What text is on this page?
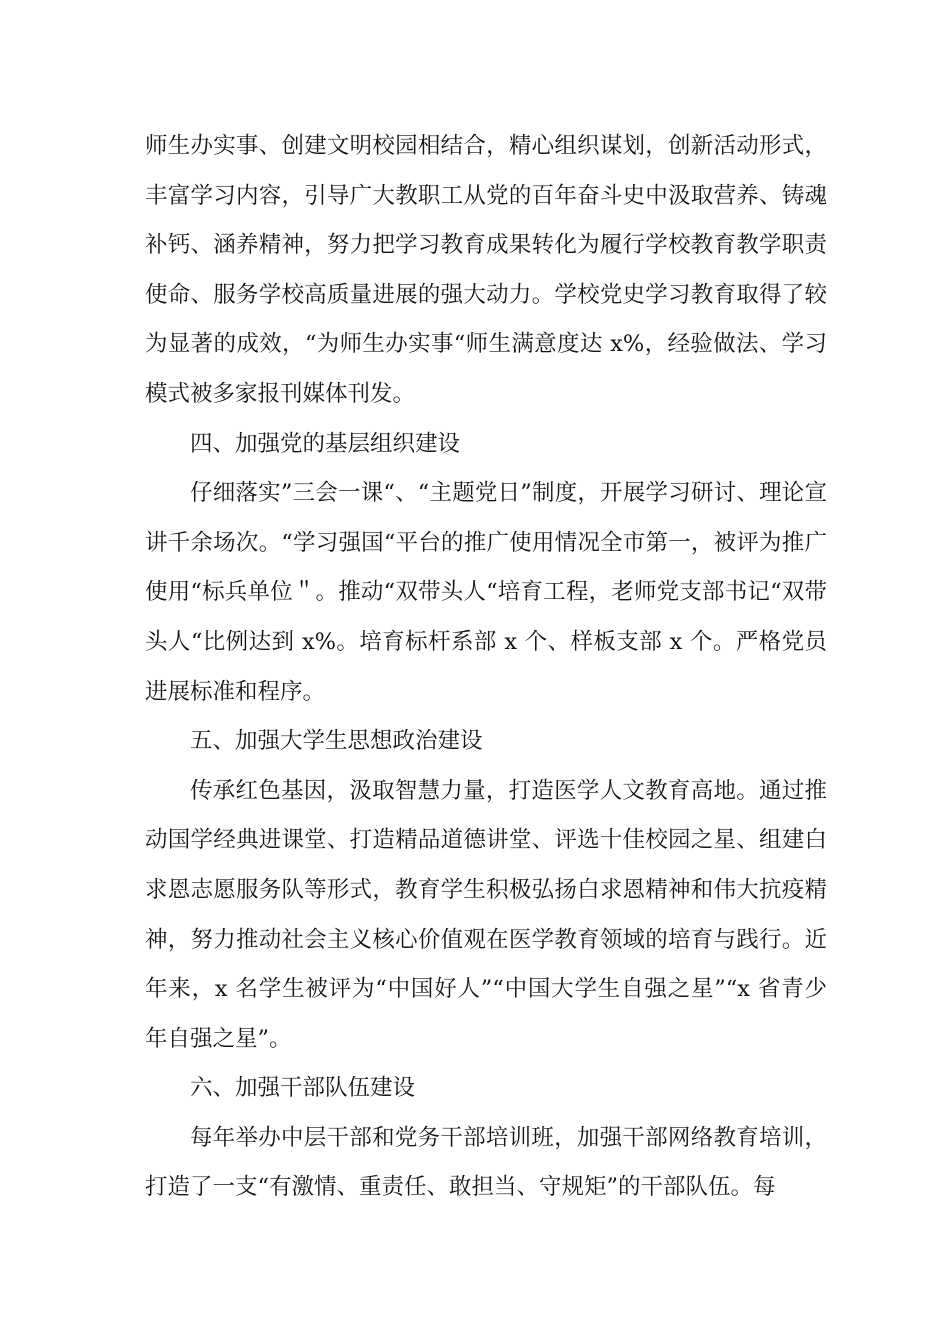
师生办实事、创建文明校园相结合，精心组织谋划，创新活动形式，丰富学习内容，引导广大教职工从党的百年奋斗史中汲取营养、铸魂补钙、涵养精神，努力把学习教育成果转化为履行学校教育教学职责使命、服务学校高质量进展的强大动力。学校党史学习教育取得了较为显著的成效，“为师生办实事“师生满意度达 x%，经验做法、学习模式被多家报刊媒体刊发。

四、加强党的基层组织建设

仔细落实”三会一课“、“主题党日”制度，开展学习研讨、理论宣讲千余场次。“学习强国“平台的推广使用情况全市第一，被评为推广使用“标兵单位＂。推动“双带头人“培育工程，老师党支部书记“双带头人“比例达到 x%。培育标杆系部 x 个、样板支部 x 个。严格党员进展标准和程序。

五、加强大学生思想政治建设

传承红色基因，汲取智慧力量，打造医学人文教育高地。通过推动国学经典进课堂、打造精品道德讲堂、评选十佳校园之星、组建白求恩志愿服务队等形式，教育学生积极弘扬白求恩精神和伟大抗疫精神，努力推动社会主义核心价值观在医学教育领域的培育与践行。近年来，x 名学生被评为“中国好人”“中国大学生自强之星”“x 省青少年自强之星”。

六、加强干部队伍建设

每年举办中层干部和党务干部培训班，加强干部网络教育培训，打造了一支“有激情、重责任、敢担当、守规矩”的干部队伍。每
